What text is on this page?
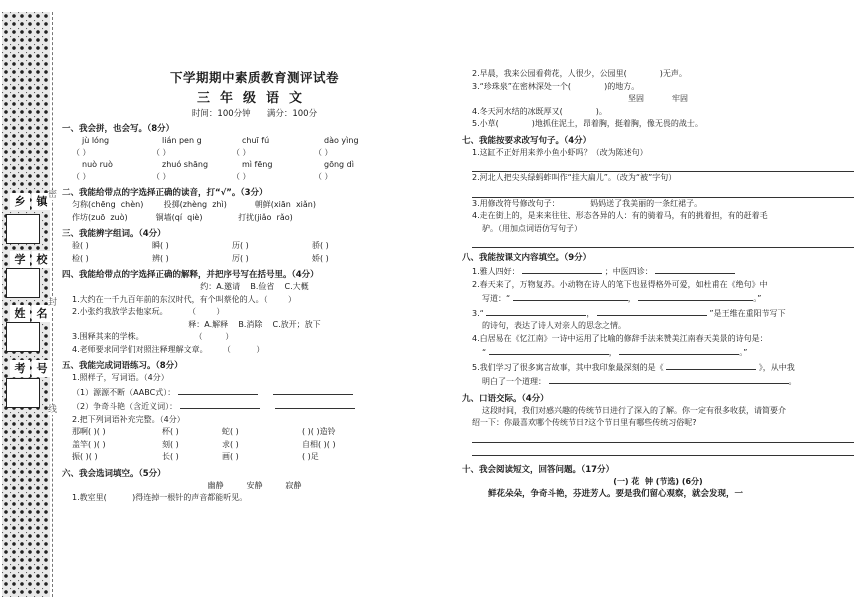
乡	镇
学	校
姓	名
考	号
密
封
线
下学期期中素质教育测评试卷
三年级语文
时间：100分钟      满分：100分
一、我会拼，也会写。（8分）
jù lóng	lián pen g	chuī fú	dào yìng
（ ）	（ ）	（ ）	（ ）
nuò ruò	zhuó shāng	mì fēng	gōng dì
（ ）	（ ）	（ ）	（ ）
二、我能给带点的字选择正确的读音，打“√”。（3分）
匀称(chēng  chèn)        投掷(zhèng  zhì)           朝鲜(xiān  xiǎn)
作坊(zuō  zuò)           铜墙(qí  qiè)              打扰(jiǎo  rǎo)
三、我能辨字组词。（4分）
验( )	瞬( )	历( )	骄( )
检( )	辨( )	厉( )	娇( )
四、我能给带点的字选择正确的解释，并把序号写在括号里。（4分）
约：A.邀请    B.俭省    C.大概
1.大约在一千九百年前的东汉时代，有个叫蔡伦的人。（        ）
2.小张约我放学去他家玩。        （        ）
释：A.解释    B.消除    C.放开；放下
3.围释其来的学株。                    （         ）
4.老师要求同学们对照注释理解文章。      （          ）
五、我能完成词语练习。（8分）
1.照样子，写词语。（4分）
（1）源源不断（AABC式）：
（2）争奇斗艳（含近义词）：
2.把下列词语补充完整。（4分）
那啊( )( )	杯( )	蛇( )	( )( )造铃
盖竿( )( )	刻( )	求( )	自相( )( )
振( )( )	长( )	画( )	( )足
六、我会选词填空。（5分）
幽静         安静         寂静
1.教室里(          )得连掉一根针的声音都能听见。
2.早晨，我来公园看荷花，人很少，公园里(             )无声。
3.“珍珠泉”在密林深处一个(             )的地方。
坚固           牢固
4.冬天河水结的冰既厚又(             )。
5.小草(             )地抓住泥土，昂着胸，挺着胸，像无畏的战士。
七、我能按要求改写句子。（4分）
1.这缸不正好用来养小鱼小虾吗？（改为陈述句）
2.河北人把尖头绿蚂蚱叫作“挂大扁儿”。（改为“被”字句）
3.用修改符号修改句子：            妈妈送了我美丽的一条红裙子。
4.走在街上的，是来来往往、形态各异的人：有的骑着马，有的挑着担，有的赶着毛
驴。（用加点词语仿写句子）
八、我能按课文内容填空。（9分）
1.雅人四好：	；中医四诊：
2.春天来了，万物复苏。小动物在诗人的笔下也显得格外可爱，如杜甫在《绝句》中
写道：“	，	。”
3.“	，	”是王维在重阳节写下
的诗句，表达了诗人对亲人的思念之情。
4.白居易在《忆江南》一诗中运用了比喻的修辞手法来赞美江南春天美景的诗句是：
“	，	。”
5.我们学习了很多寓言故事，其中我印象最深刻的是《	》，从中我
明白了一个道理：	。
九、口语交际。（4分）
这段时间，我们对感兴趣的传统节日进行了深入的了解。你一定有很多收获，请简要介
绍一下：你最喜欢哪个传统节日?这个节日里有哪些传统习俗呢?
十、我会阅读短文，回答问题。（17分）
(一) 花  钟 (节选) (6分)
鲜花朵朵，争奇斗艳，芬进芳人。要是我们留心观察，就会发现，一
